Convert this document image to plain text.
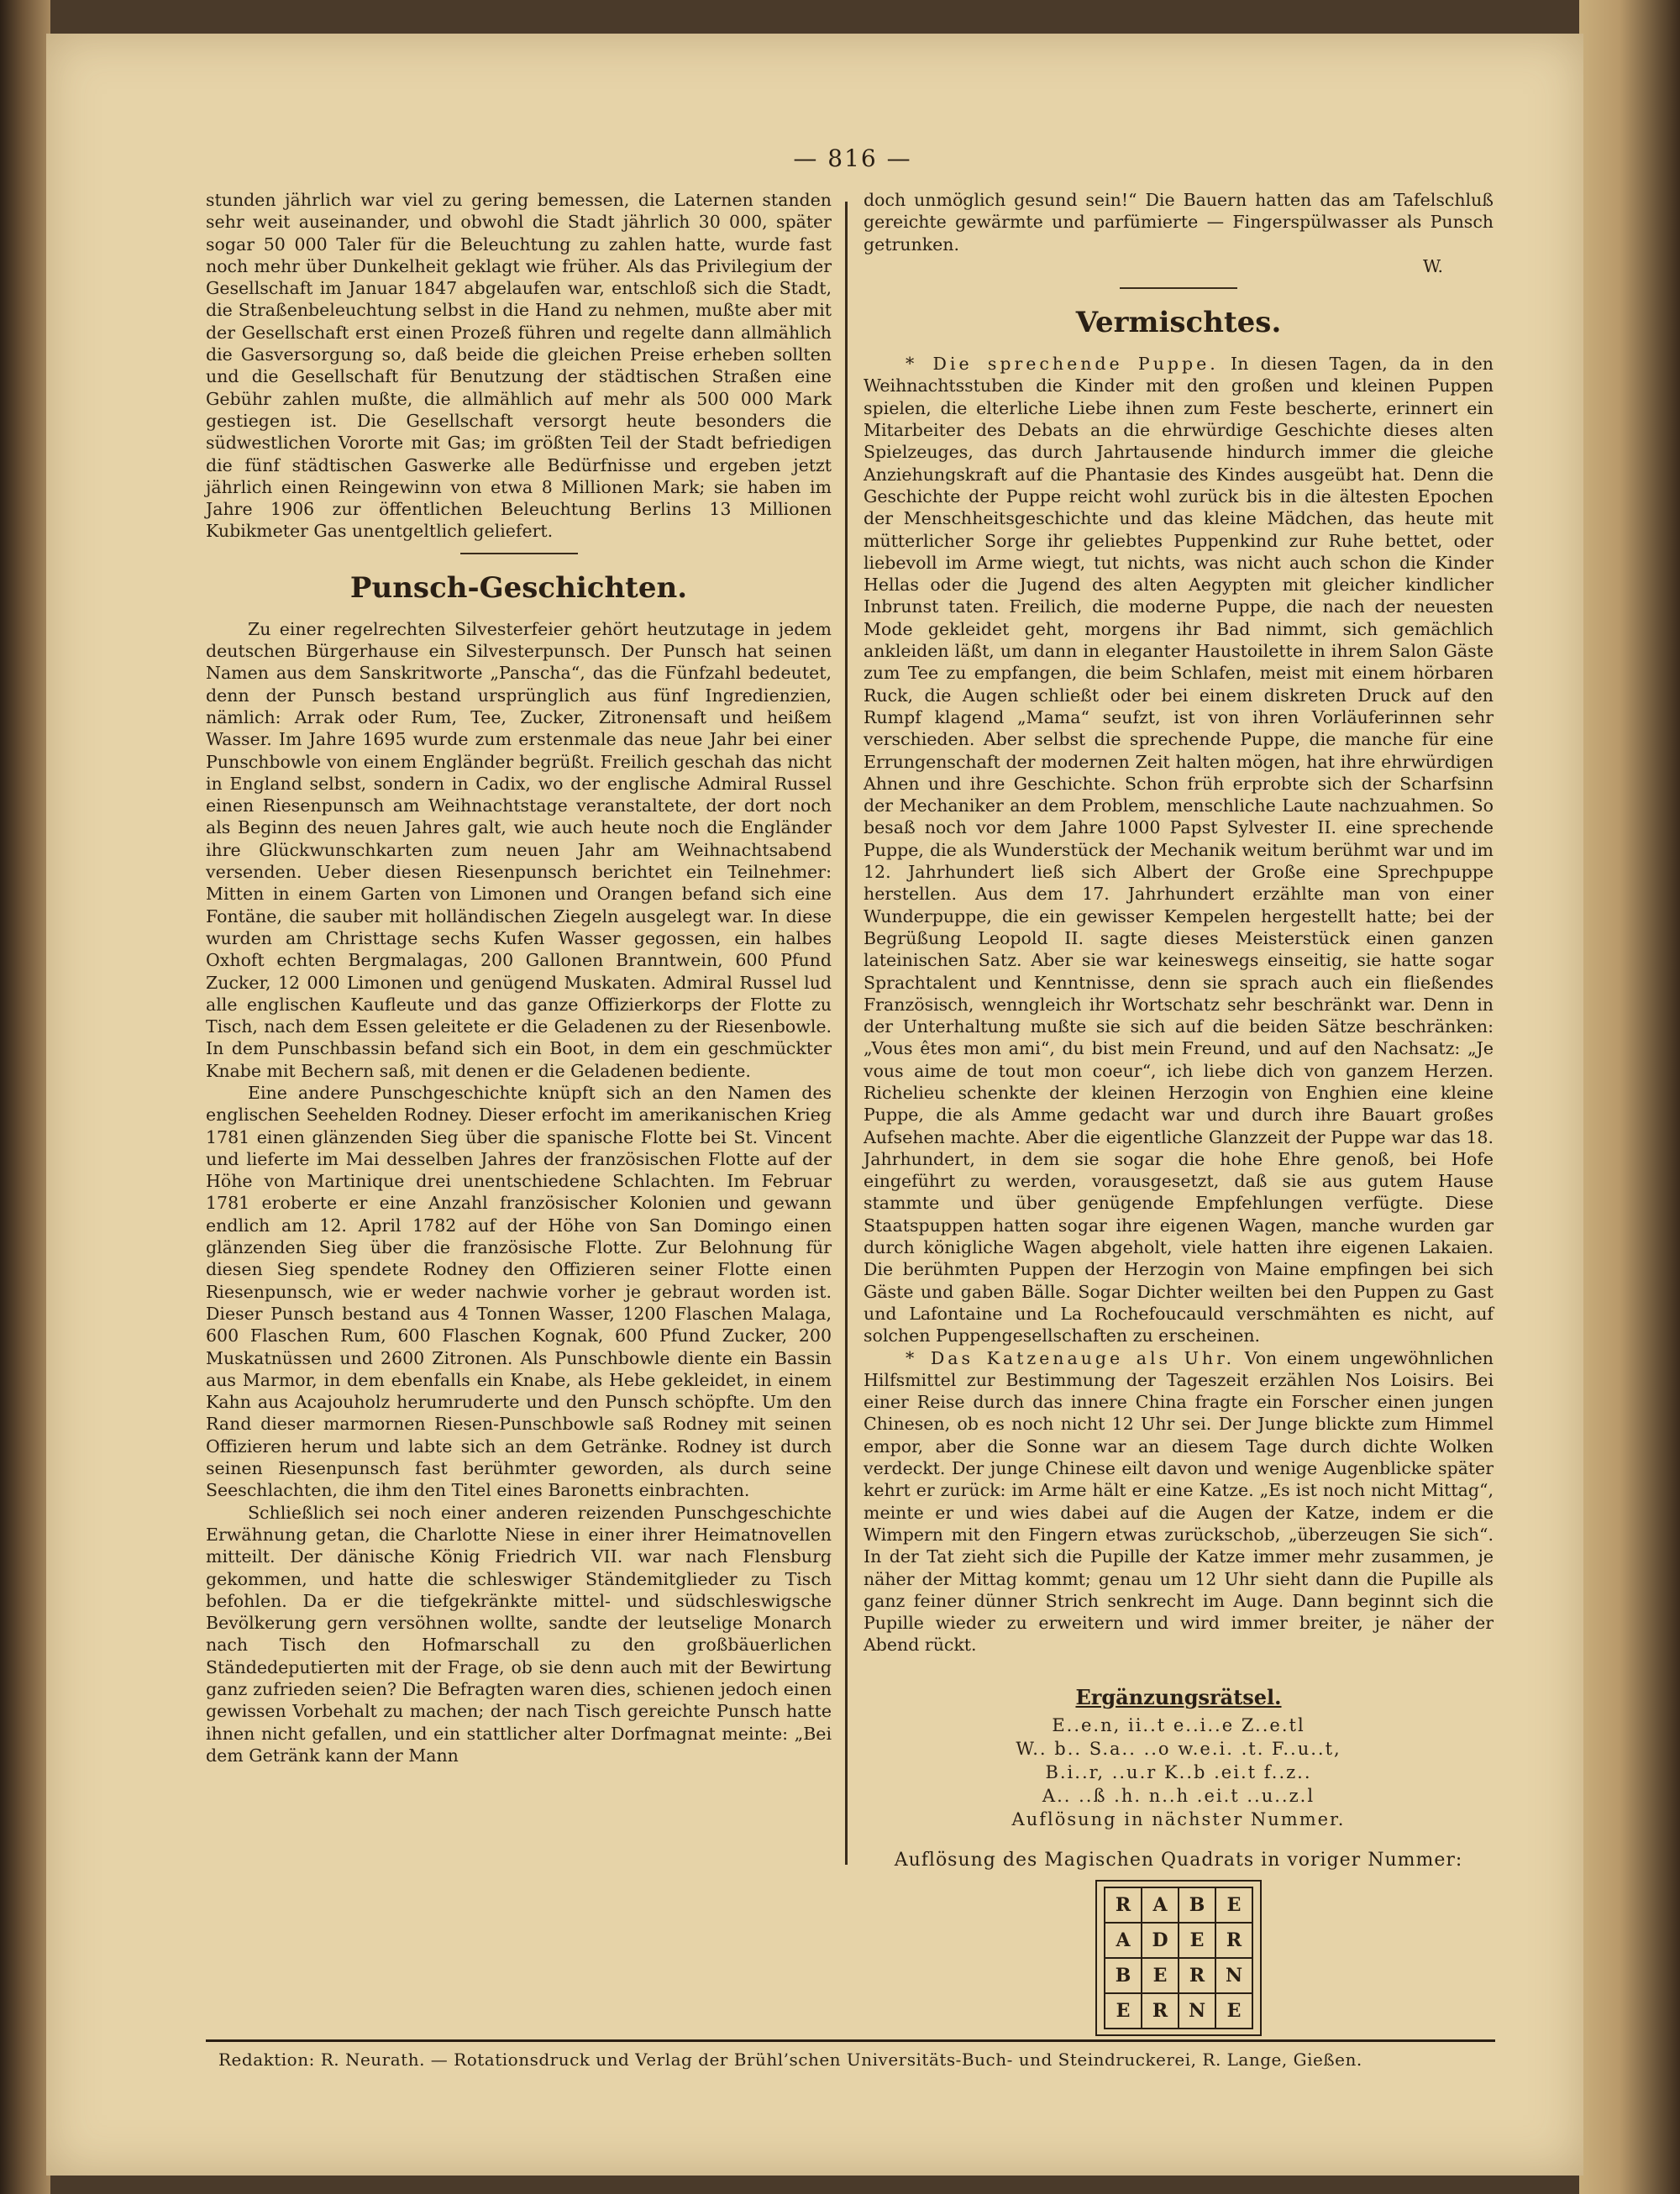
— 816 —

stunden jährlich war viel zu gering bemessen, die Laternen standen sehr weit auseinander, und obwohl die Stadt jährlich 30 000, später sogar 50 000 Taler für die Beleuchtung zu zahlen hatte, wurde fast noch mehr über Dunkelheit geklagt wie früher. Als das Privilegium der Gesellschaft im Januar 1847 abgelaufen war, entschloß sich die Stadt, die Straßenbeleuchtung selbst in die Hand zu nehmen, mußte aber mit der Gesellschaft erst einen Prozeß führen und regelte dann allmählich die Gasversorgung so, daß beide die gleichen Preise erheben sollten und die Gesellschaft für Benutzung der städtischen Straßen eine Gebühr zahlen mußte, die allmählich auf mehr als 500 000 Mark gestiegen ist. Die Gesellschaft versorgt heute besonders die südwestlichen Vororte mit Gas; im größten Teil der Stadt befriedigen die fünf städtischen Gaswerke alle Bedürfnisse und ergeben jetzt jährlich einen Reingewinn von etwa 8 Millionen Mark; sie haben im Jahre 1906 zur öffentlichen Beleuchtung Berlins 13 Millionen Kubikmeter Gas unentgeltlich geliefert.

Punsch-Geschichten.

Zu einer regelrechten Silvesterfeier gehört heutzutage in jedem deutschen Bürgerhause ein Silvesterpunsch. Der Punsch hat seinen Namen aus dem Sanskritworte „Panscha“, das die Fünfzahl bedeutet, denn der Punsch bestand ursprünglich aus fünf Ingredienzien, nämlich: Arrak oder Rum, Tee, Zucker, Zitronensaft und heißem Wasser. Im Jahre 1695 wurde zum erstenmale das neue Jahr bei einer Punschbowle von einem Engländer begrüßt. Freilich geschah das nicht in England selbst, sondern in Cadix, wo der englische Admiral Russel einen Riesenpunsch am Weihnachtstage veranstaltete, der dort noch als Beginn des neuen Jahres galt, wie auch heute noch die Engländer ihre Glückwunschkarten zum neuen Jahr am Weihnachtsabend versenden. Ueber diesen Riesenpunsch berichtet ein Teilnehmer: Mitten in einem Garten von Limonen und Orangen befand sich eine Fontäne, die sauber mit holländischen Ziegeln ausgelegt war. In diese wurden am Christtage sechs Kufen Wasser gegossen, ein halbes Oxhoft echten Bergmalagas, 200 Gallonen Branntwein, 600 Pfund Zucker, 12 000 Limonen und genügend Muskaten. Admiral Russel lud alle englischen Kaufleute und das ganze Offizierkorps der Flotte zu Tisch, nach dem Essen geleitete er die Geladenen zu der Riesenbowle. In dem Punschbassin befand sich ein Boot, in dem ein geschmückter Knabe mit Bechern saß, mit denen er die Geladenen bediente.

Eine andere Punschgeschichte knüpft sich an den Namen des englischen Seehelden Rodney. Dieser erfocht im amerikanischen Krieg 1781 einen glänzenden Sieg über die spanische Flotte bei St. Vincent und lieferte im Mai desselben Jahres der französischen Flotte auf der Höhe von Martinique drei unentschiedene Schlachten. Im Februar 1781 eroberte er eine Anzahl französischer Kolonien und gewann endlich am 12. April 1782 auf der Höhe von San Domingo einen glänzenden Sieg über die französische Flotte. Zur Belohnung für diesen Sieg spendete Rodney den Offizieren seiner Flotte einen Riesenpunsch, wie er weder nachwie vorher je gebraut worden ist. Dieser Punsch bestand aus 4 Tonnen Wasser, 1200 Flaschen Malaga, 600 Flaschen Rum, 600 Flaschen Kognak, 600 Pfund Zucker, 200 Muskatnüssen und 2600 Zitronen. Als Punschbowle diente ein Bassin aus Marmor, in dem ebenfalls ein Knabe, als Hebe gekleidet, in einem Kahn aus Acajouholz herumruderte und den Punsch schöpfte. Um den Rand dieser marmornen Riesen-Punschbowle saß Rodney mit seinen Offizieren herum und labte sich an dem Getränke. Rodney ist durch seinen Riesenpunsch fast berühmter geworden, als durch seine Seeschlachten, die ihm den Titel eines Baronetts einbrachten.

Schließlich sei noch einer anderen reizenden Punschgeschichte Erwähnung getan, die Charlotte Niese in einer ihrer Heimatnovellen mitteilt. Der dänische König Friedrich VII. war nach Flensburg gekommen, und hatte die schleswiger Ständemitglieder zu Tisch befohlen. Da er die tiefgekränkte mittel- und südschleswigsche Bevölkerung gern versöhnen wollte, sandte der leutselige Monarch nach Tisch den Hofmarschall zu den großbäuerlichen Ständedeputierten mit der Frage, ob sie denn auch mit der Bewirtung ganz zufrieden seien? Die Befragten waren dies, schienen jedoch einen gewissen Vorbehalt zu machen; der nach Tisch gereichte Punsch hatte ihnen nicht gefallen, und ein stattlicher alter Dorfmagnat meinte: „Bei dem Getränk kann der Mann

doch unmöglich gesund sein!“ Die Bauern hatten das am Tafelschluß gereichte gewärmte und parfümierte — Fingerspülwasser als Punsch getrunken.

W.

Vermischtes.

* Die sprechende Puppe. In diesen Tagen, da in den Weihnachtsstuben die Kinder mit den großen und kleinen Puppen spielen, die elterliche Liebe ihnen zum Feste bescherte, erinnert ein Mitarbeiter des Debats an die ehrwürdige Geschichte dieses alten Spielzeuges, das durch Jahrtausende hindurch immer die gleiche Anziehungskraft auf die Phantasie des Kindes ausgeübt hat. Denn die Geschichte der Puppe reicht wohl zurück bis in die ältesten Epochen der Menschheitsgeschichte und das kleine Mädchen, das heute mit mütterlicher Sorge ihr geliebtes Puppenkind zur Ruhe bettet, oder liebevoll im Arme wiegt, tut nichts, was nicht auch schon die Kinder Hellas oder die Jugend des alten Aegypten mit gleicher kindlicher Inbrunst taten. Freilich, die moderne Puppe, die nach der neuesten Mode gekleidet geht, morgens ihr Bad nimmt, sich gemächlich ankleiden läßt, um dann in eleganter Haustoilette in ihrem Salon Gäste zum Tee zu empfangen, die beim Schlafen, meist mit einem hörbaren Ruck, die Augen schließt oder bei einem diskreten Druck auf den Rumpf klagend „Mama“ seufzt, ist von ihren Vorläuferinnen sehr verschieden. Aber selbst die sprechende Puppe, die manche für eine Errungenschaft der modernen Zeit halten mögen, hat ihre ehrwürdigen Ahnen und ihre Geschichte. Schon früh erprobte sich der Scharfsinn der Mechaniker an dem Problem, menschliche Laute nachzuahmen. So besaß noch vor dem Jahre 1000 Papst Sylvester II. eine sprechende Puppe, die als Wunderstück der Mechanik weitum berühmt war und im 12. Jahrhundert ließ sich Albert der Große eine Sprechpuppe herstellen. Aus dem 17. Jahrhundert erzählte man von einer Wunderpuppe, die ein gewisser Kempelen hergestellt hatte; bei der Begrüßung Leopold II. sagte dieses Meisterstück einen ganzen lateinischen Satz. Aber sie war keineswegs einseitig, sie hatte sogar Sprachtalent und Kenntnisse, denn sie sprach auch ein fließendes Französisch, wenngleich ihr Wortschatz sehr beschränkt war. Denn in der Unterhaltung mußte sie sich auf die beiden Sätze beschränken: „Vous êtes mon ami“, du bist mein Freund, und auf den Nachsatz: „Je vous aime de tout mon coeur“, ich liebe dich von ganzem Herzen. Richelieu schenkte der kleinen Herzogin von Enghien eine kleine Puppe, die als Amme gedacht war und durch ihre Bauart großes Aufsehen machte. Aber die eigentliche Glanzzeit der Puppe war das 18. Jahrhundert, in dem sie sogar die hohe Ehre genoß, bei Hofe eingeführt zu werden, vorausgesetzt, daß sie aus gutem Hause stammte und über genügende Empfehlungen verfügte. Diese Staatspuppen hatten sogar ihre eigenen Wagen, manche wurden gar durch königliche Wagen abgeholt, viele hatten ihre eigenen Lakaien. Die berühmten Puppen der Herzogin von Maine empfingen bei sich Gäste und gaben Bälle. Sogar Dichter weilten bei den Puppen zu Gast und Lafontaine und La Rochefoucauld verschmähten es nicht, auf solchen Puppengesellschaften zu erscheinen.

* Das Katzenauge als Uhr. Von einem ungewöhnlichen Hilfsmittel zur Bestimmung der Tageszeit erzählen Nos Loisirs. Bei einer Reise durch das innere China fragte ein Forscher einen jungen Chinesen, ob es noch nicht 12 Uhr sei. Der Junge blickte zum Himmel empor, aber die Sonne war an diesem Tage durch dichte Wolken verdeckt. Der junge Chinese eilt davon und wenige Augenblicke später kehrt er zurück: im Arme hält er eine Katze. „Es ist noch nicht Mittag“, meinte er und wies dabei auf die Augen der Katze, indem er die Wimpern mit den Fingern etwas zurückschob, „überzeugen Sie sich“. In der Tat zieht sich die Pupille der Katze immer mehr zusammen, je näher der Mittag kommt; genau um 12 Uhr sieht dann die Pupille als ganz feiner dünner Strich senkrecht im Auge. Dann beginnt sich die Pupille wieder zu erweitern und wird immer breiter, je näher der Abend rückt.

Ergänzungsrätsel.
E..e.n, ii..t e..i..e Z..e.tl
W.. b.. S.a.. ..o w.e.i. .t. F..u..t,
B.i..r, ..u.r K..b .ei.t f..z..
A.. ..ß .h. n..h .ei.t ..u..z.l
Auflösung in nächster Nummer.
Auflösung des Magischen Quadrats in voriger Nummer:
R	A	B	E
A	D	E	R
B	E	R	N
E	R	N	E
Redaktion: R. Neurath. — Rotationsdruck und Verlag der Brühl’schen Universitäts-Buch- und Steindruckerei, R. Lange, Gießen.
